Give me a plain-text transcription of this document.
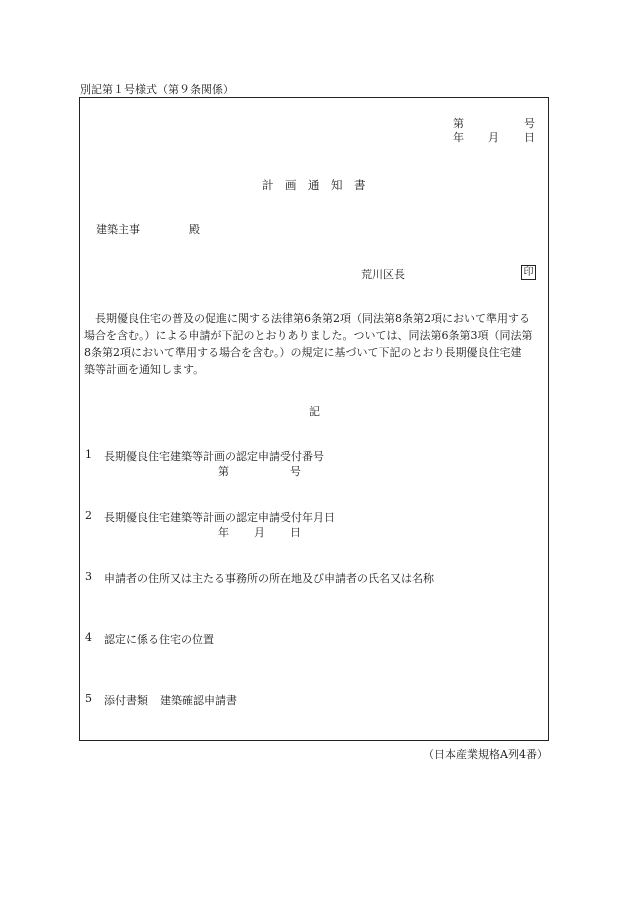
別記第１号様式（第９条関係）
第	号
年 月 日
計 画 通 知 書
建築主事	殿
荒川区長	印

　長期優良住宅の普及の促進に関する法律第6条第2項（同法第8条第2項において準用する

場合を含む。）による申請が下記のとおりありました。ついては、同法第6条第3項（同法第

8条第2項において準用する場合を含む。）の規定に基づいて下記のとおり長期優良住宅建

築等計画を通知します。

記
1 長期優良住宅建築等計画の認定申請受付番号
第	号
2 長期優良住宅建築等計画の認定申請受付年月日
年 月 日
3 申請者の住所又は主たる事務所の所在地及び申請者の氏名又は名称
4 認定に係る住宅の位置
5 添付書類 建築確認申請書
（日本産業規格A列4番）
